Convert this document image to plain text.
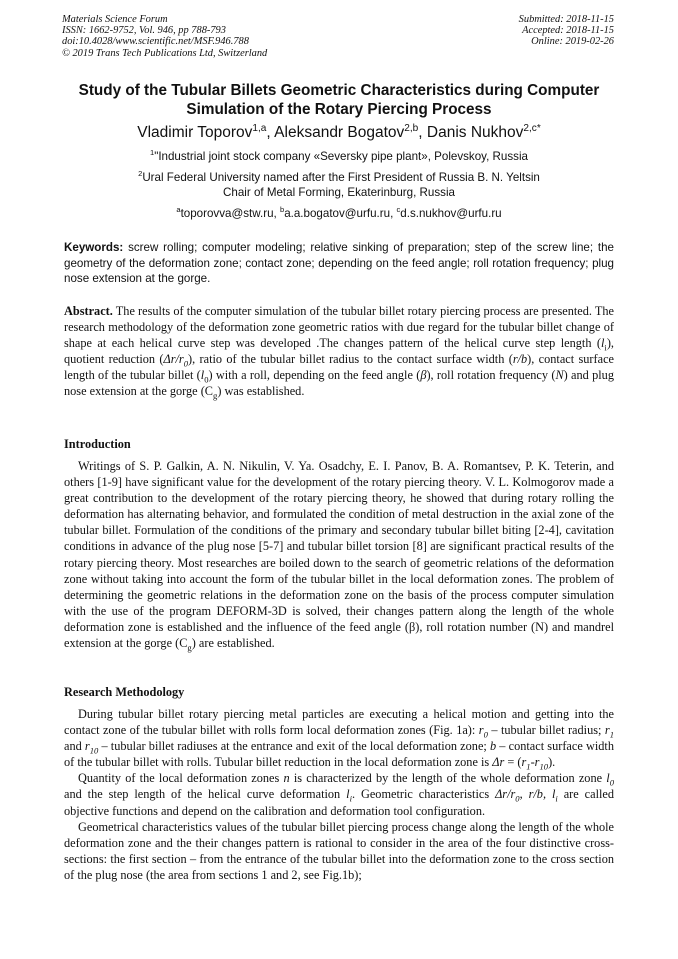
Materials Science Forum
ISSN: 1662-9752, Vol. 946, pp 788-793
doi:10.4028/www.scientific.net/MSF.946.788
© 2019 Trans Tech Publications Ltd, Switzerland
Submitted: 2018-11-15
Accepted: 2018-11-15
Online: 2019-02-26
Study of the Tubular Billets Geometric Characteristics during Computer
Simulation of the Rotary Piercing Process
Vladimir Toporov$^{1,a}$, Aleksandr Bogatov$^{2,b}$, Danis Nukhov$^{2,c*}$
$^1$"Industrial joint stock company «Seversky pipe plant», Polevskoy, Russia
$^2$Ural Federal University named after the First President of Russia B. N. Yeltsin
Chair of Metal Forming, Ekaterinburg, Russia
$^a$toporovva@stw.ru, $^b$a.a.bogatov@urfu.ru, $^c$d.s.nukhov@urfu.ru
Keywords: screw rolling; computer modeling; relative sinking of preparation; step of the screw line; the geometry of the deformation zone; contact zone; depending on the feed angle; roll rotation frequency; plug nose extension at the gorge.
Abstract. The results of the computer simulation of the tubular billet rotary piercing process are presented. The research methodology of the deformation zone geometric ratios with due regard for the tubular billet change of shape at each helical curve step was developed .The changes pattern of the helical curve step length $(l_i)$, quotient reduction $(\Delta r/r_0)$, ratio of the tubular billet radius to the contact surface width (r/b), contact surface length of the tubular billet $(l_0)$ with a roll, depending on the feed angle (β), roll rotation frequency (N) and plug nose extension at the gorge $(C_g)$ was established.
Introduction

Writings of S. P. Galkin, A. N. Nikulin, V. Ya. Osadchy, E. I. Panov, B. A. Romantsev, P. K. Teterin, and others [1-9] have significant value for the development of the rotary piercing theory. V. L. Kolmogorov made a great contribution to the development of the rotary piercing theory, he showed that during rotary rolling the deformation has alternating behavior, and formulated the condition of metal destruction in the axial zone of the tubular billet. Formulation of the conditions of the primary and secondary tubular billet biting [2-4], cavitation conditions in advance of the plug nose [5-7] and tubular billet torsion [8] are significant practical results of the rotary piercing theory. Most researches are boiled down to the search of geometric relations of the deformation zone without taking into account the form of the tubular billet in the local deformation zones. The problem of determining the geometric relations in the deformation zone on the basis of the process computer simulation with the use of the program DEFORM-3D is solved, their changes pattern along the length of the whole deformation zone is established and the influence of the feed angle (β), roll rotation number (N) and mandrel extension at the gorge $(C_g)$ are established.

Research Methodology

During tubular billet rotary piercing metal particles are executing a helical motion and getting into the contact zone of the tubular billet with rolls form local deformation zones (Fig. 1a): $r_0$ – tubular billet radius; $r_1$ and $r_{10}$ – tubular billet radiuses at the entrance and exit of the local deformation zone; b – contact surface width of the tubular billet with rolls. Tubular billet reduction in the local deformation zone is $\Delta r = (r_1-r_{10})$.

Quantity of the local deformation zones n is characterized by the length of the whole deformation zone $l_0$ and the step length of the helical curve deformation $l_i$. Geometric characteristics $\Delta r/r_0$, r/b, $l_i$ are called objective functions and depend on the calibration and deformation tool configuration.

Geometrical characteristics values of the tubular billet piercing process change along the length of the whole deformation zone and the their changes pattern is rational to consider in the area of the four distinctive cross-sections: the first section – from the entrance of the tubular billet into the deformation zone to the cross section of the plug nose (the area from sections 1 and 2, see Fig.1b);
